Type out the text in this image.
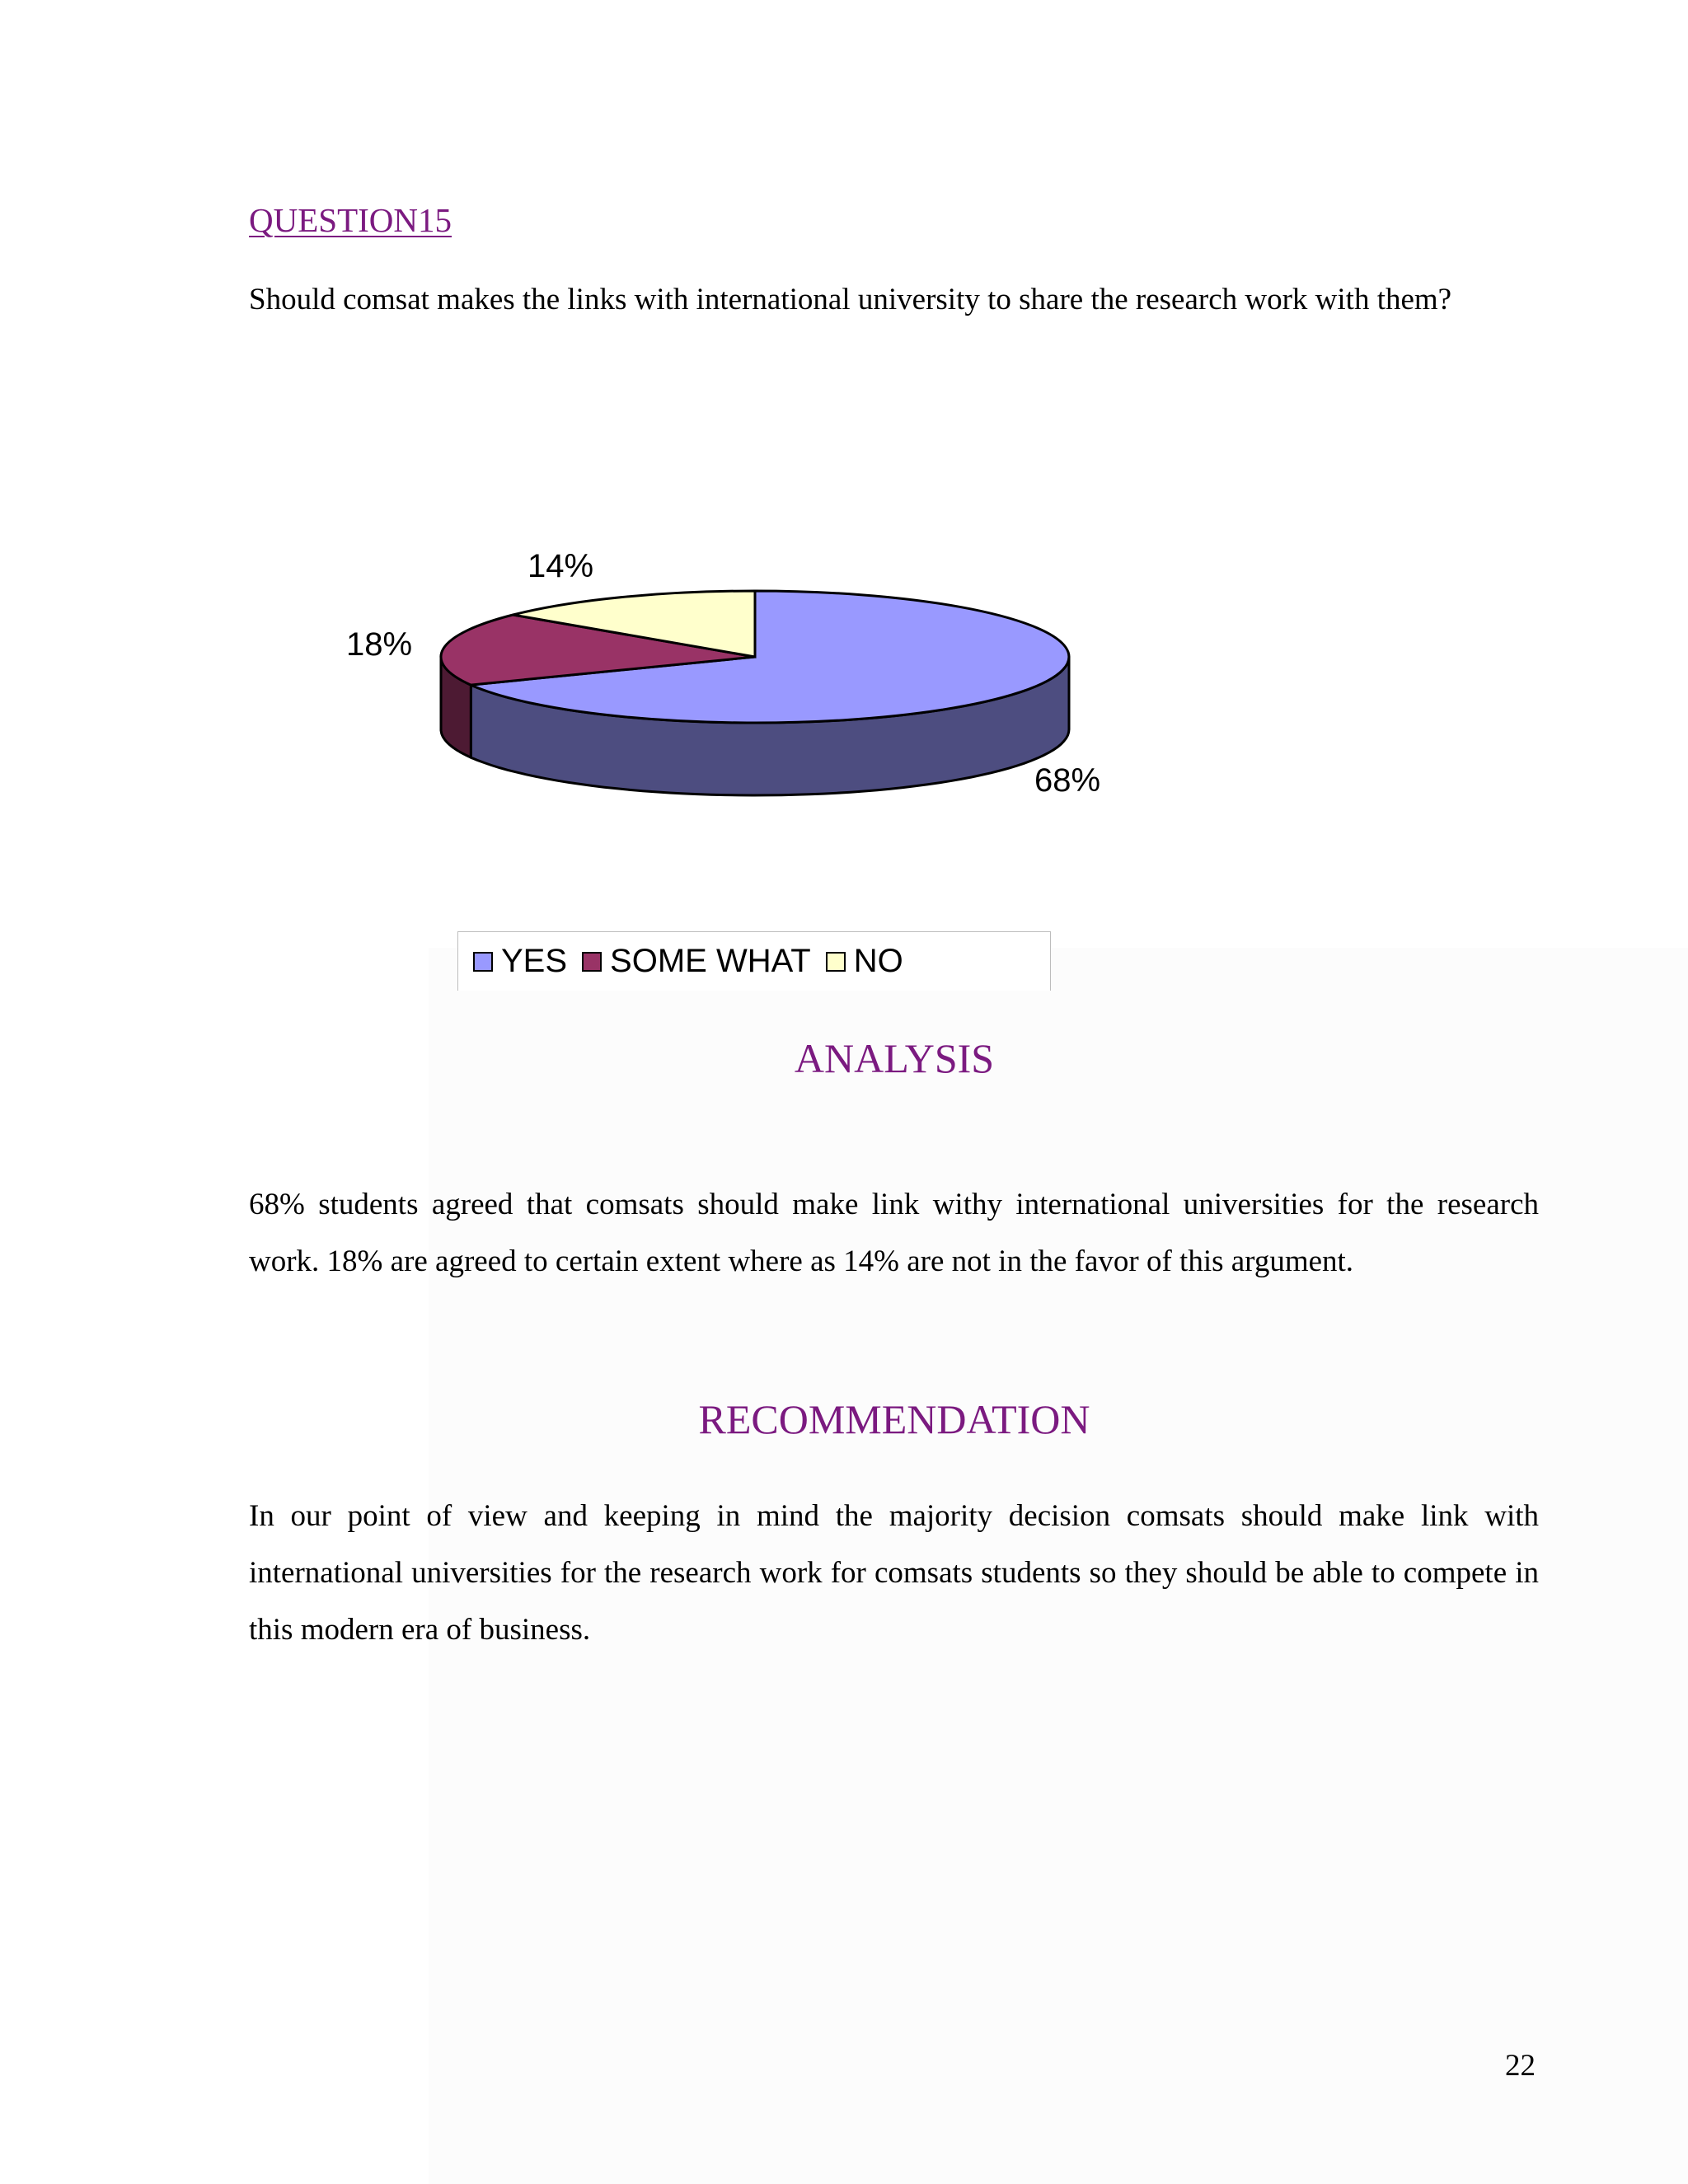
QUESTION15
Should comsat makes the links with international university to share the research work with them?
68%
18%
14%
YES SOME WHAT NO
ANALYSIS
68% students agreed that comsats should make link withy international universities for the research work. 18% are agreed to certain extent where as 14% are not in the favor of this argument.
RECOMMENDATION
In our point of view and keeping in mind the majority decision comsats should make link with international universities for the research work for comsats students so they should be able to compete in this modern era of business.
22
